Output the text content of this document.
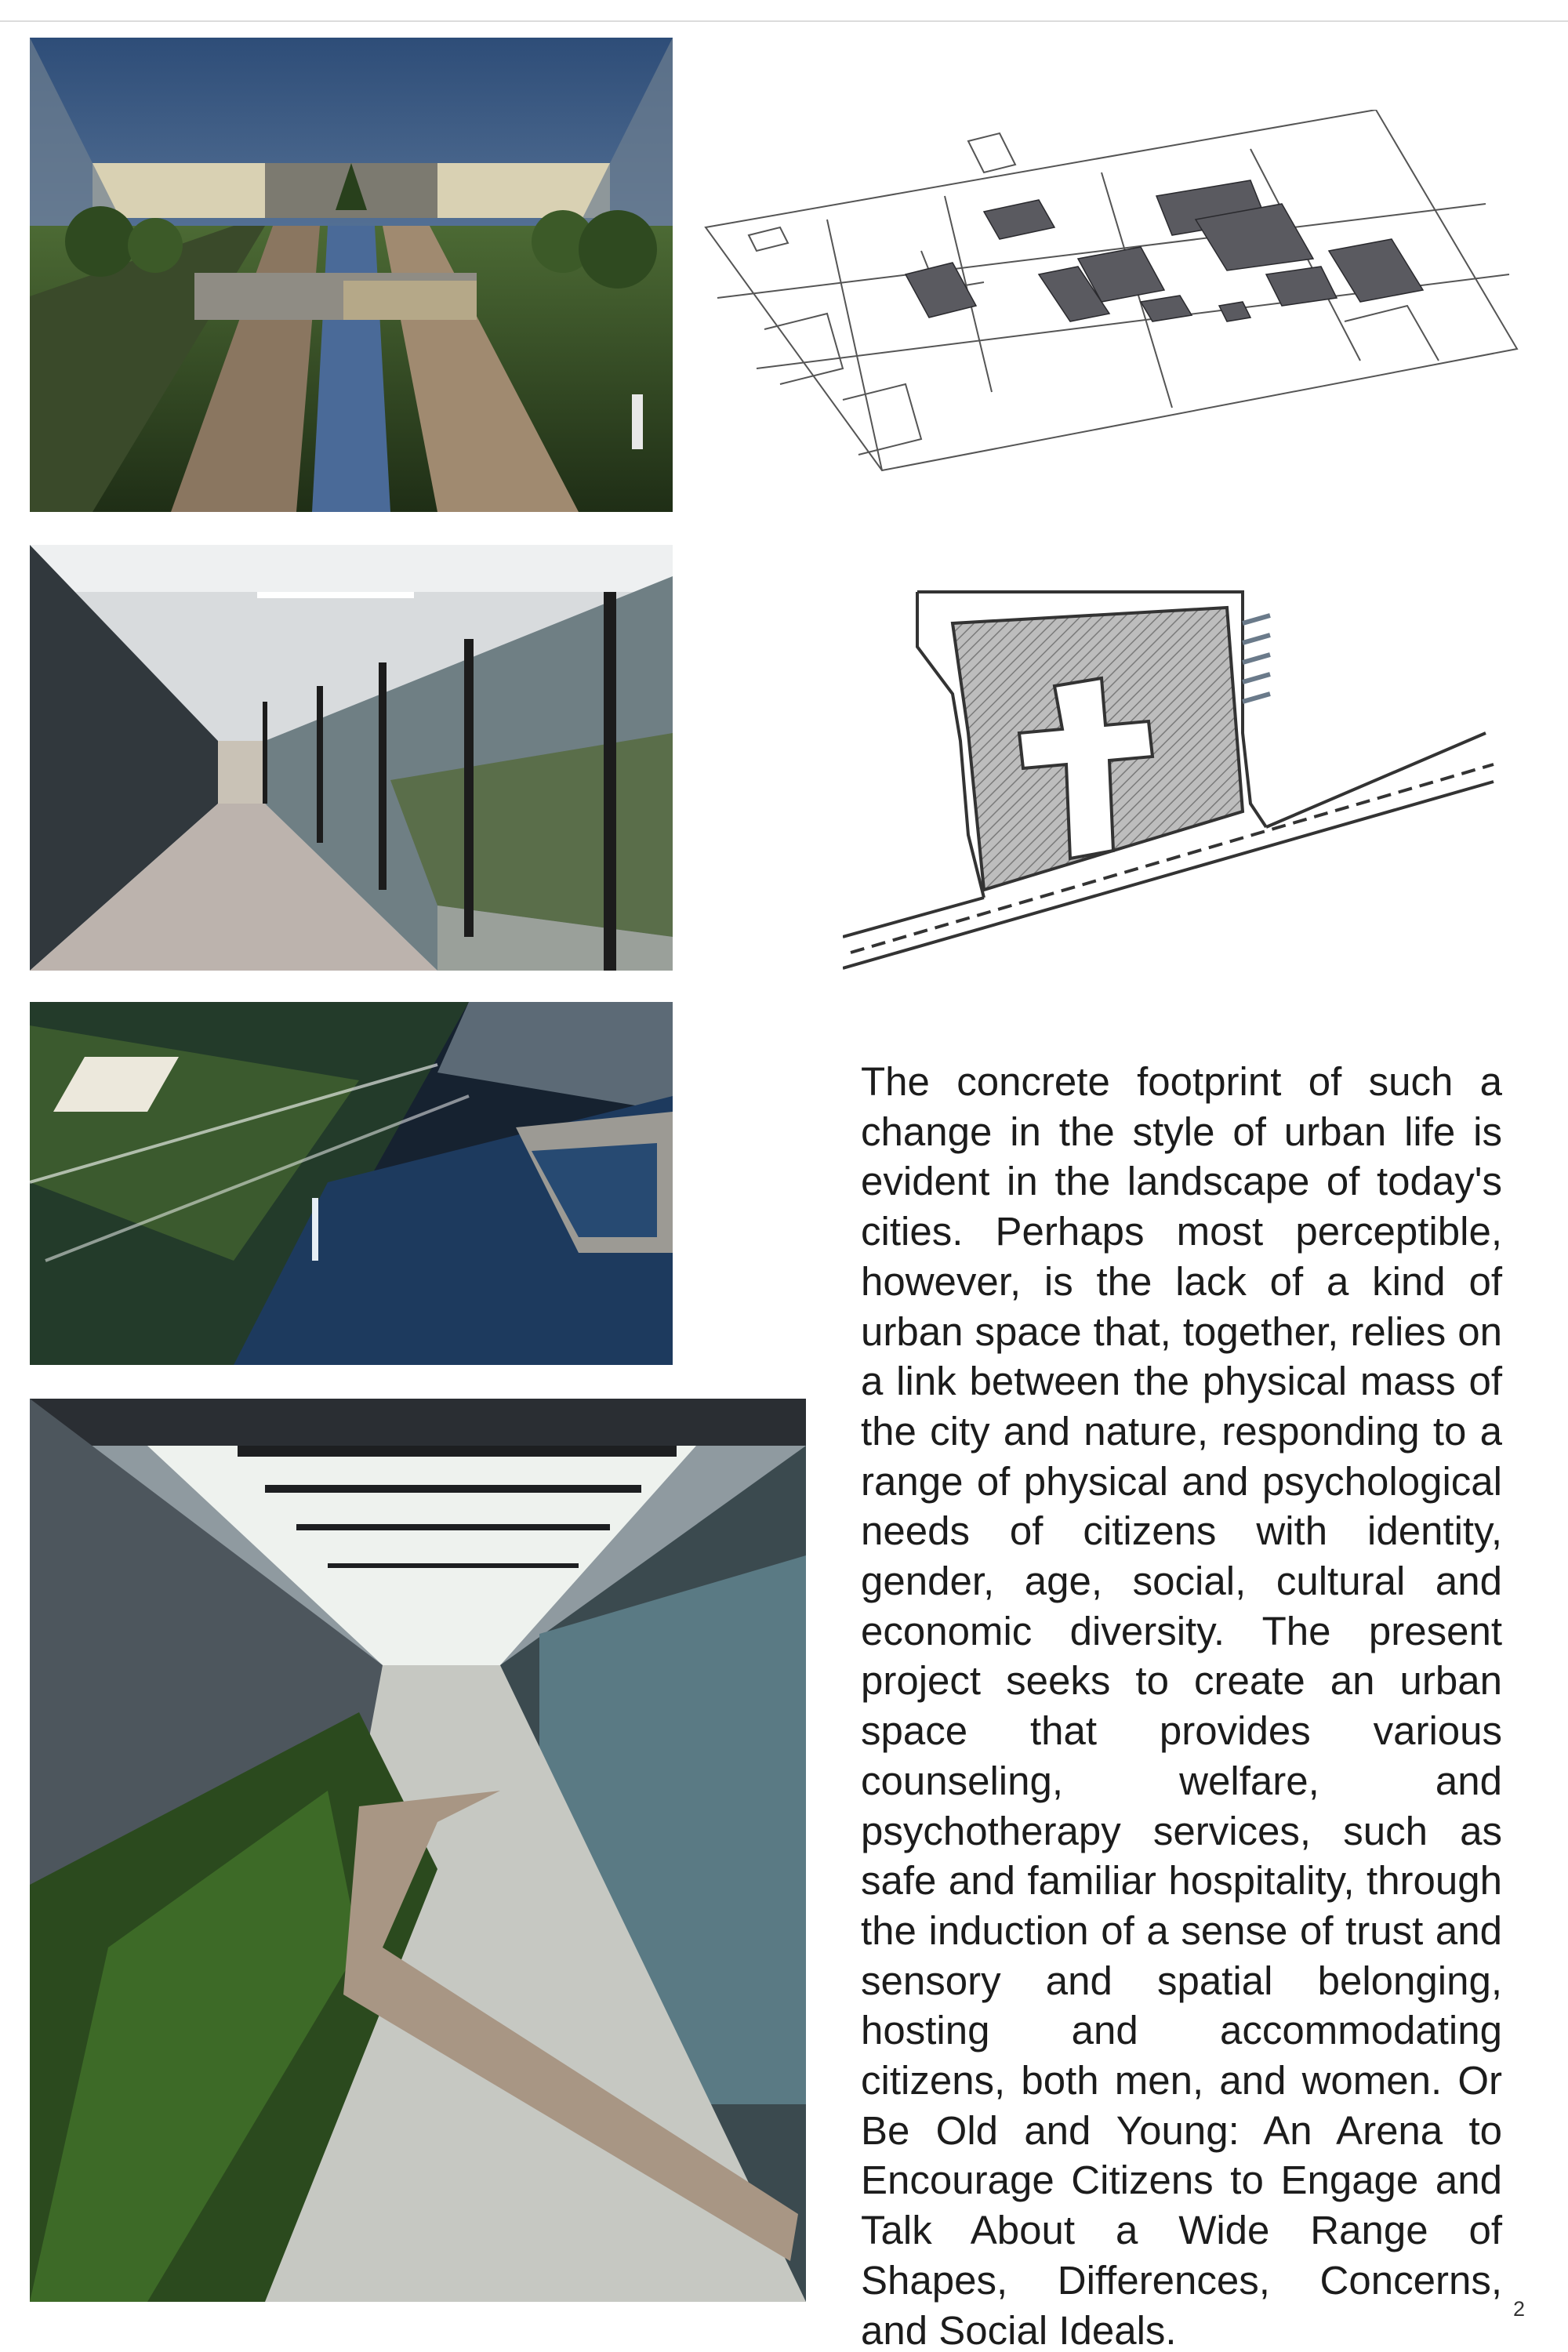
The concrete footprint of such a change in the style of urban life is evident in the landscape of today's cities. Perhaps most perceptible, however, is the lack of a kind of urban space that, together, relies on a link between the physical mass of the city and nature, responding to a range of physical and psychological needs of citizens with identity, gender, age, social, cultural and economic diversity. The present project seeks to create an urban space that provides various counseling, welfare, and psychotherapy services, such as safe and familiar hospitality, through the induction of a sense of trust and sensory and spatial belonging, hosting and accommodating citizens, both men, and women. Or Be Old and Young: An Arena to Encourage Citizens to Engage and Talk About a Wide Range of Shapes, Differences, Concerns, and Social Ideals.	2
